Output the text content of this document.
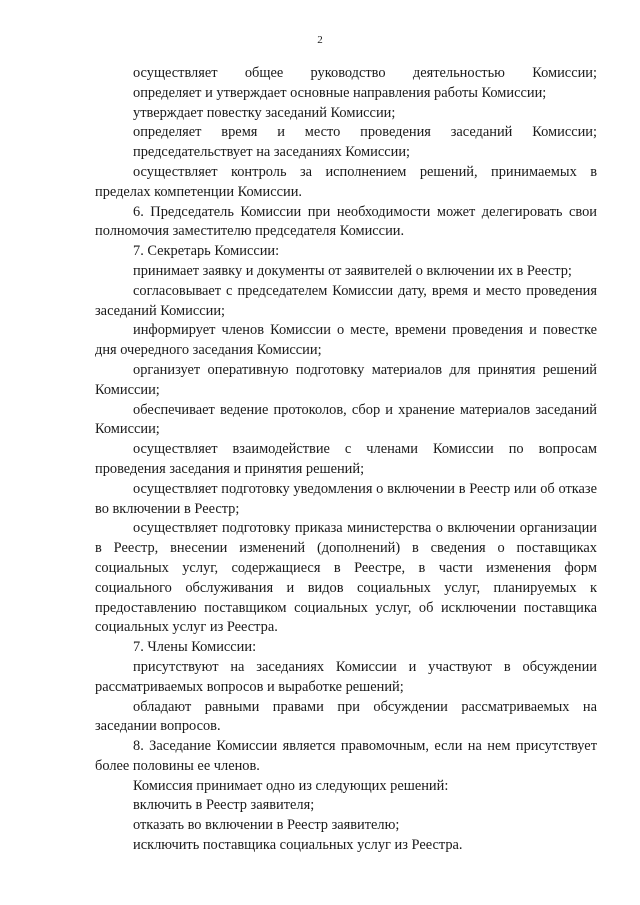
2

осуществляет общее руководство деятельностью Комиссии;

определяет и утверждает основные направления работы Комиссии;

утверждает повестку заседаний Комиссии;

определяет время и место проведения заседаний Комиссии;

председательствует на заседаниях Комиссии;

осуществляет контроль за исполнением решений, принимаемых в пределах компетенции Комиссии.

6. Председатель Комиссии при необходимости может делегировать свои полномочия заместителю председателя Комиссии.

7. Секретарь Комиссии:

принимает заявку и документы от заявителей о включении их в Реестр;

согласовывает с председателем Комиссии дату, время и место проведения заседаний Комиссии;

информирует членов Комиссии о месте, времени проведения и повестке дня очередного заседания Комиссии;

организует оперативную подготовку материалов для принятия решений Комиссии;

обеспечивает ведение протоколов, сбор и хранение материалов заседаний Комиссии;

осуществляет взаимодействие с членами Комиссии по вопросам проведения заседания и принятия решений;

осуществляет подготовку уведомления о включении в Реестр или об отказе во включении в Реестр;

осуществляет подготовку приказа министерства о включении организации в Реестр, внесении изменений (дополнений) в сведения о поставщиках социальных услуг, содержащиеся в Реестре, в части изменения форм социального обслуживания и видов социальных услуг, планируемых к предоставлению поставщиком социальных услуг, об исключении поставщика социальных услуг из Реестра.

7. Члены Комиссии:

присутствуют на заседаниях Комиссии и участвуют в обсуждении рассматриваемых вопросов и выработке решений;

обладают равными правами при обсуждении рассматриваемых на заседании вопросов.

8. Заседание Комиссии является правомочным, если на нем присутствует более половины ее членов.

Комиссия принимает одно из следующих решений:

включить в Реестр заявителя;

отказать во включении в Реестр заявителю;

исключить поставщика социальных услуг из Реестра.
